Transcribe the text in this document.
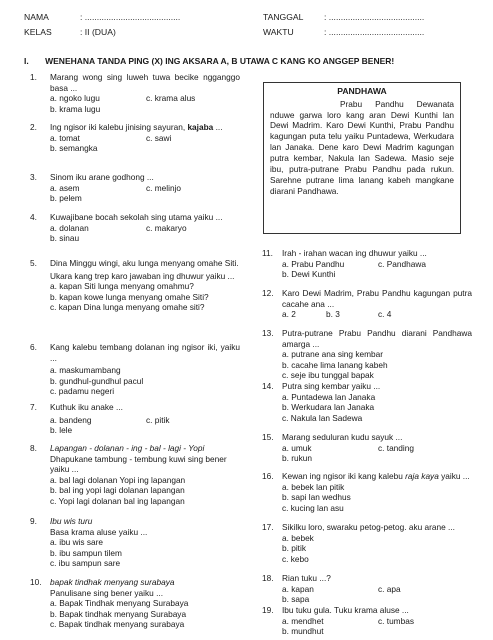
NAMA	: ........................................
KELAS	: II (DUA)
TANGGAL : ........................................
WAKTU	: ........................................
I. WENEHANA TANDA PING (X) ING AKSARA A, B UTAWA C KANG KO ANGGEP BENER!
1.	Marang wong sing luweh tuwa becike ngganggo basa ...
a. ngoko lugu	c. krama alus
b. krama lugu
2.	Ing ngisor iki kalebu jinising sayuran, kajaba ...
a. tomat	c. sawi
b. semangka
3.	Sinom iku arane godhong ...
a. asem	c. melinjo
b. pelem
4.	Kuwajibane bocah sekolah sing utama yaiku ...
a. dolanan	c. makaryo
b. sinau
5.	Dina Minggu wingi, aku lunga menyang omahe Siti.
Ukara kang trep karo jawaban ing dhuwur yaiku ...
a. kapan Siti lunga menyang omahmu?
b. kapan kowe lunga menyang omahe Siti?
c. kapan Dina lunga menyang omahe siti?
6.	Kang kalebu tembang dolanan ing ngisor iki, yaiku ...
a. maskumambang
b. gundhul-gundhul pacul
c. padamu negeri
7.	Kuthuk iku anake ...
a. bandeng	c. pitik
b. lele
8.	Lapangan - dolanan - ing - bal - lagi - Yopi
Dhapukane tambung - tembung kuwi sing bener yaiku ...
a. bal lagi dolanan Yopi ing lapangan
b. bal ing yopi lagi dolanan lapangan
c. Yopi lagi dolanan bal ing lapangan
9.	Ibu wis turu
Basa krama aluse yaiku ...
a. ibu wis sare
b. ibu sampun tilem
c. ibu sampun sare
10.	bapak tindhak menyang surabaya
Panulisane sing bener yaiku ...
a. Bapak Tindhak menyang Surabaya
b. Bapak tindhak menyang Surabaya
c. Bapak tindhak menyang surabaya
PANDHAWA
Prabu Pandhu Dewanata nduwe garwa loro kang aran Dewi Kunthi lan Dewi Madrim. Karo Dewi Kunthi, Prabu Pandhu kagungan puta telu yaiku Puntadewa, Werkudara lan Janaka. Dene karo Dewi Madrim kagungan putra kembar, Nakula lan Sadewa. Masio seje ibu, putra-putrane Prabu Pandhu pada rukun. Sarehne putrane lima lanang kabeh mangkane diarani Pandhawa.
11.	Irah - irahan wacan ing dhuwur yaiku ...
a. Prabu Pandhu	c. Pandhawa
b. Dewi Kunthi
12.	Karo Dewi Madrim, Prabu Pandhu kagungan putra cacahe ana ...
a. 2	b. 3	c. 4
13.	Putra-putrane Prabu Pandhu diarani Pandhawa amarga ...
a. putrane ana sing kembar
b. cacahe lima lanang kabeh
c. seje ibu tunggal bapak
14.	Putra sing kembar yaiku ...
a. Puntadewa lan Janaka
b. Werkudara lan Janaka
c. Nakula lan Sadewa
15.	Marang seduluran kudu sayuk ...
a. umuk	c. tanding
b. rukun
16.	Kewan ing ngisor iki kang kalebu raja kaya yaiku ...
a. bebek lan pitik
b. sapi lan wedhus
c. kucing lan asu
17.	Sikilku loro, swaraku petog-petog. aku arane ...
a. bebek
b. pitik
c. kebo
18.	Rian tuku ...?
a. kapan	c. apa
b. sapa
19.	Ibu tuku gula. Tuku krama aluse ...
a. mendhet	c. tumbas
b. mundhut
